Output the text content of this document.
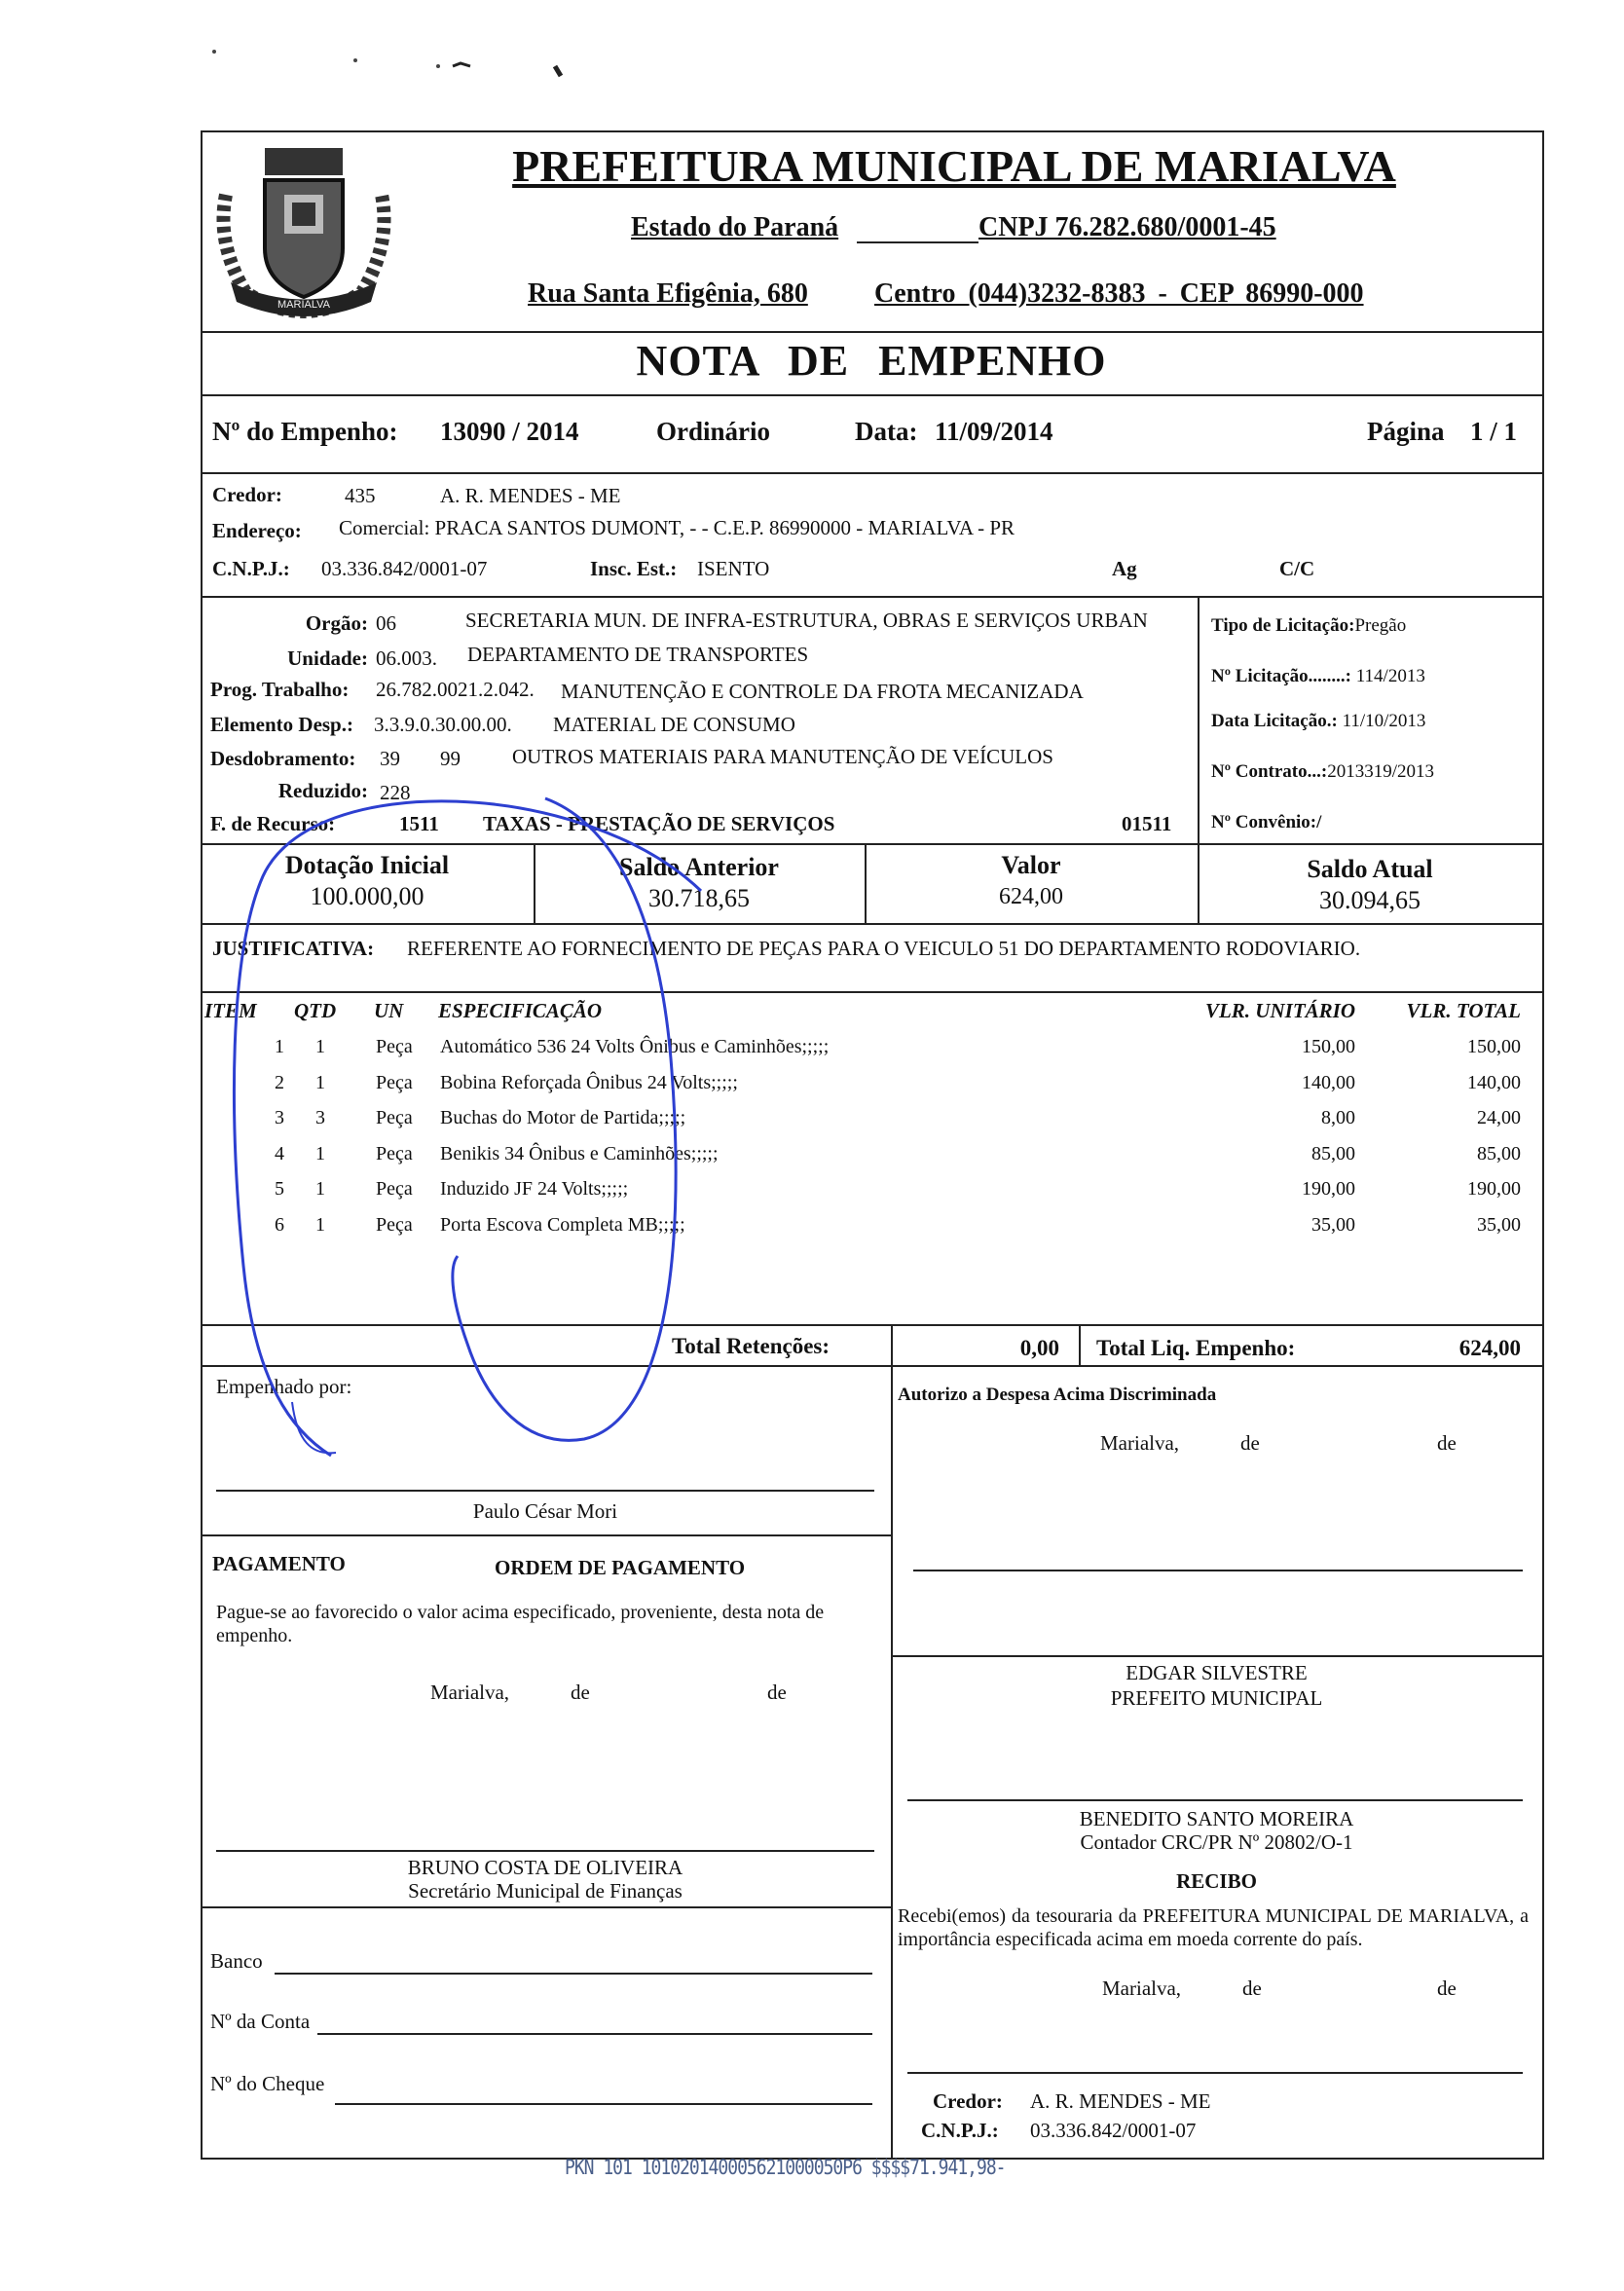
MARIALVA
PREFEITURA MUNICIPAL DE MARIALVA
Estado do Paraná	CNPJ 76.282.680/0001-45
Rua Santa Efigênia, 680 Centro (044)3232-8383 - CEP 86990-000
NOTA DE EMPENHO
Nº do Empenho: 13090 / 2014	Ordinário	Data: 11/09/2014	Página 1 / 1
Credor:	435	A. R. MENDES - ME
Endereço: Comercial: PRACA SANTOS DUMONT, - - C.E.P. 86990000 - MARIALVA - PR
C.N.P.J.: 03.336.842/0001-07	Insc. Est.: ISENTO	Ag	C/C
Orgão: 06	SECRETARIA MUN. DE INFRA-ESTRUTURA, OBRAS E SERVIÇOS URBAN
Unidade: 06.003. DEPARTAMENTO DE TRANSPORTES
Prog. Trabalho: 26.782.0021.2.042. MANUTENÇÃO E CONTROLE DA FROTA MECANIZADA
Elemento Desp.: 3.3.9.0.30.00.00. MATERIAL DE CONSUMO
Desdobramento: 39 99	OUTROS MATERIAIS PARA MANUTENÇÃO DE VEÍCULOS
Reduzido: 228
F. de Recurso:	1511 TAXAS - PRESTAÇÃO DE SERVIÇOS	01511
Tipo de Licitação:Pregão
Nº Licitação........: 114/2013
Data Licitação.: 11/10/2013
Nº Contrato...:2013319/2013
Nº Convênio:/
Dotação Inicial
100.000,00
Saldo Anterior
30.718,65
Valor
624,00
Saldo Atual
30.094,65
JUSTIFICATIVA: REFERENTE AO FORNECIMENTO DE PEÇAS PARA O VEICULO 51 DO DEPARTAMENTO RODOVIARIO.
ITEM QTD UN ESPECIFICAÇÃO	VLR. UNITÁRIO	VLR. TOTAL
1	1	Peça	Automático 536 24 Volts Ônibus e Caminhões;;;;;	150,00	150,00
2	1	Peça	Bobina Reforçada Ônibus 24 Volts;;;;;	140,00	140,00
3	3	Peça	Buchas do Motor de Partida;;;;;	8,00	24,00
4	1	Peça	Benikis 34 Ônibus e Caminhões;;;;;	85,00	85,00
5	1	Peça	Induzido JF 24 Volts;;;;;	190,00	190,00
6	1	Peça	Porta Escova Completa MB;;;;;	35,00	35,00
Total Retenções:	0,00 Total Liq. Empenho:	624,00
Empenhado por:
Paulo César Mori
Autorizo a Despesa Acima Discriminada
Marialva,	de	de
PAGAMENTO	ORDEM DE PAGAMENTO
Pague-se ao favorecido o valor acima especificado, proveniente, desta nota de empenho.
Marialva,	de	de
EDGAR SILVESTRE
PREFEITO MUNICIPAL
BENEDITO SANTO MOREIRA
Contador CRC/PR Nº 20802/O-1
RECIBO
Recebi(emos) da tesouraria da PREFEITURA MUNICIPAL DE MARIALVA, a importância especificada acima em moeda corrente do país.
Marialva,	de	de
BRUNO COSTA DE OLIVEIRA
Secretário Municipal de Finanças
Banco
Nº da Conta
Nº do Cheque
Credor: A. R. MENDES - ME
C.N.P.J.: 03.336.842/0001-07
PKN 101 101020140005621000050P6 $$$$71.941,98-
